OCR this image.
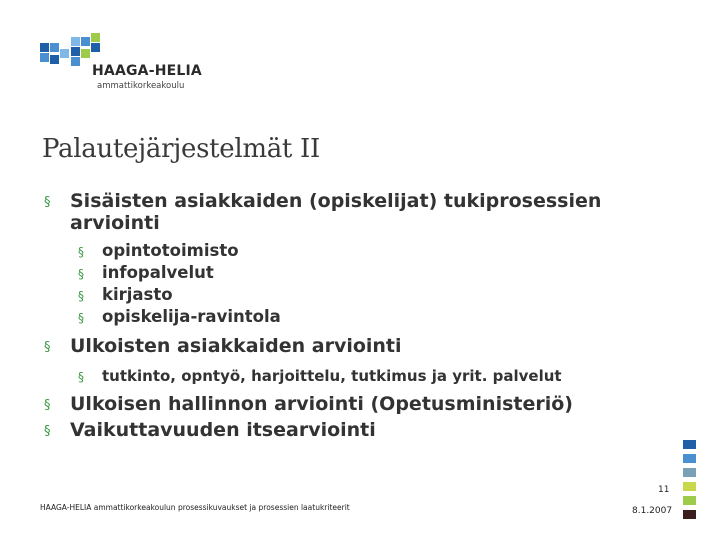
HAAGA-HELIA
ammattikorkeakoulu
Palautejärjestelmät II
§ Sisäisten asiakkaiden (opiskelijat) tukiprosessien
arviointi
§ opintotoimisto
§ infopalvelut
§ kirjasto
§ opiskelija-ravintola
§ Ulkoisten asiakkaiden arviointi
§ tutkinto, opntyö, harjoittelu, tutkimus ja yrit. palvelut
§ Ulkoisen hallinnon arviointi (Opetusministeriö)
§ Vaikuttavuuden itsearviointi
11
HAAGA-HELIA ammattikorkeakoulun prosessikuvaukset ja prosessien laatukriteerit	8.1.2007
